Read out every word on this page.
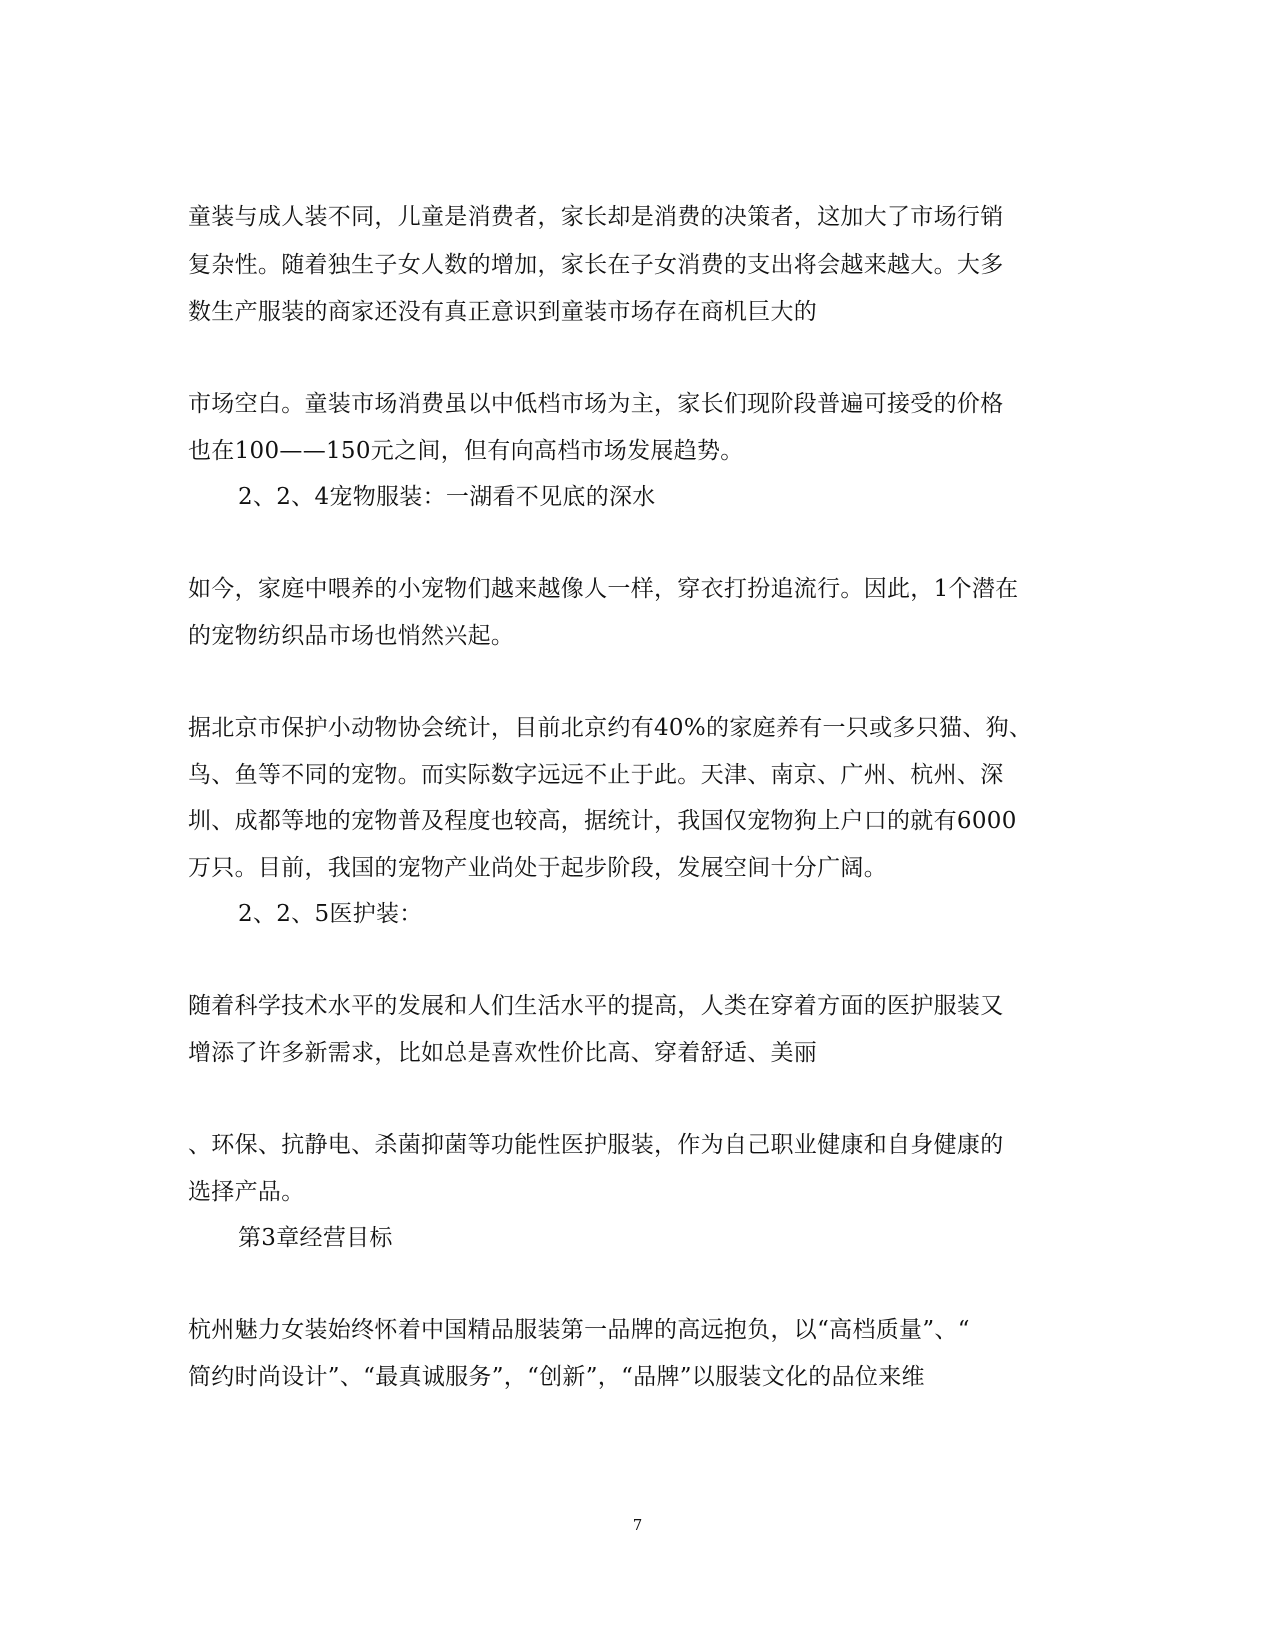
童装与成人装不同，儿童是消费者，家长却是消费的决策者，这加大了市场行销
复杂性。随着独生子女人数的增加，家长在子女消费的支出将会越来越大。大多
数生产服装的商家还没有真正意识到童装市场存在商机巨大的
市场空白。童装市场消费虽以中低档市场为主，家长们现阶段普遍可接受的价格
也在100——150元之间，但有向高档市场发展趋势。
2、2、4宠物服装：一湖看不见底的深水
如今，家庭中喂养的小宠物们越来越像人一样，穿衣打扮追流行。因此，1个潜在
的宠物纺织品市场也悄然兴起。
据北京市保护小动物协会统计，目前北京约有40%的家庭养有一只或多只猫、狗、
鸟、鱼等不同的宠物。而实际数字远远不止于此。天津、南京、广州、杭州、深
圳、成都等地的宠物普及程度也较高，据统计，我国仅宠物狗上户口的就有6000
万只。目前，我国的宠物产业尚处于起步阶段，发展空间十分广阔。
2、2、5医护装：
随着科学技术水平的发展和人们生活水平的提高，人类在穿着方面的医护服装又
增添了许多新需求，比如总是喜欢性价比高、穿着舒适、美丽
、环保、抗静电、杀菌抑菌等功能性医护服装，作为自己职业健康和自身健康的
选择产品。
第3章经营目标
杭州魅力女装始终怀着中国精品服装第一品牌的高远抱负，以“高档质量”、“
简约时尚设计”、“最真诚服务”，“创新”，“品牌”以服装文化的品位来维
7
